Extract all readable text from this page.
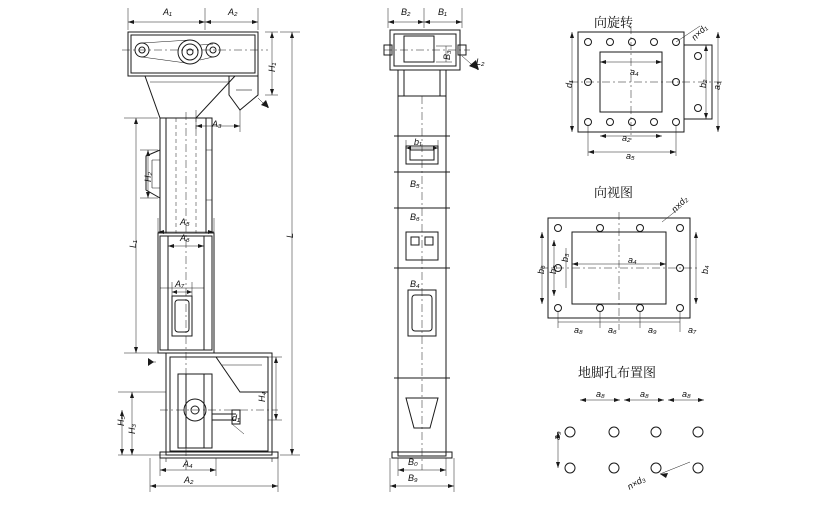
向旋转
向视图
地脚孔布置图
A₁	A₂
H₁
A₃
H₂
A₅
A₆
A₇
L₁
L
H₅
H₃
H₄
d₁
A₄
A₂
B₂	B₁
B₃
L₂
b₁
B₅
B₆
B₄
B₀
B₉
d₁
a₄
b₂ a₃
a₂
a₅
n×d₁
b₆ b₅
b₃	a₄
b₄
a₆
a₈	a₉	a₇
n×d₂
a₈	a₈	a₈
a₉
n×d₃
